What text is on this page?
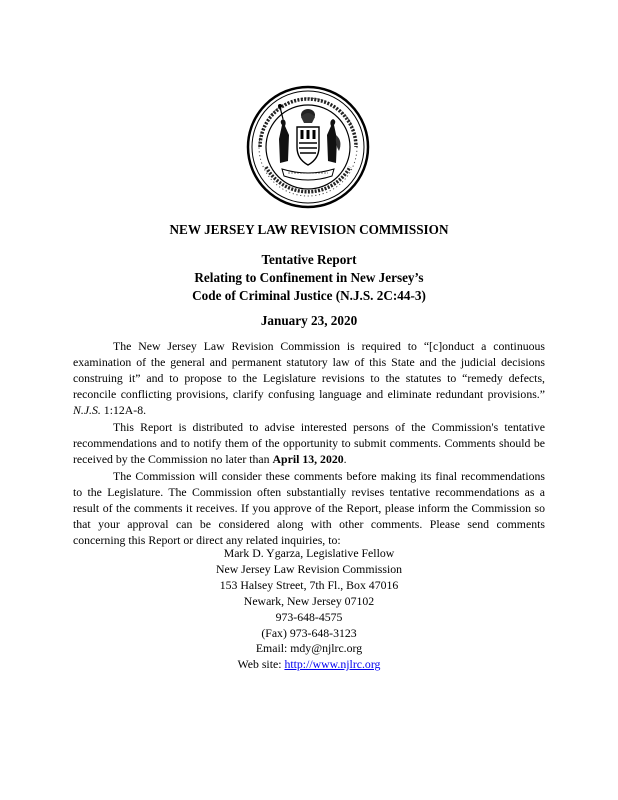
NEW JERSEY LAW REVISION COMMISSION
Tentative Report
Relating to Confinement in New Jersey’s
Code of Criminal Justice (N.J.S. 2C:44-3)
January 23, 2020

The New Jersey Law Revision Commission is required to “[c]onduct a continuous examination of the general and permanent statutory law of this State and the judicial decisions construing it” and to propose to the Legislature revisions to the statutes to “remedy defects, reconcile conflicting provisions, clarify confusing language and eliminate redundant provisions.” N.J.S. 1:12A-8.

This Report is distributed to advise interested persons of the Commission's tentative recommendations and to notify them of the opportunity to submit comments. Comments should be received by the Commission no later than April 13, 2020.

The Commission will consider these comments before making its final recommendations to the Legislature. The Commission often substantially revises tentative recommendations as a result of the comments it receives. If you approve of the Report, please inform the Commission so that your approval can be considered along with other comments. Please send comments concerning this Report or direct any related inquiries, to:

Mark D. Ygarza, Legislative Fellow
New Jersey Law Revision Commission
153 Halsey Street, 7th Fl., Box 47016
Newark, New Jersey 07102
973-648-4575
(Fax) 973-648-3123
Email: mdy@njlrc.org
Web site: http://www.njlrc.org
